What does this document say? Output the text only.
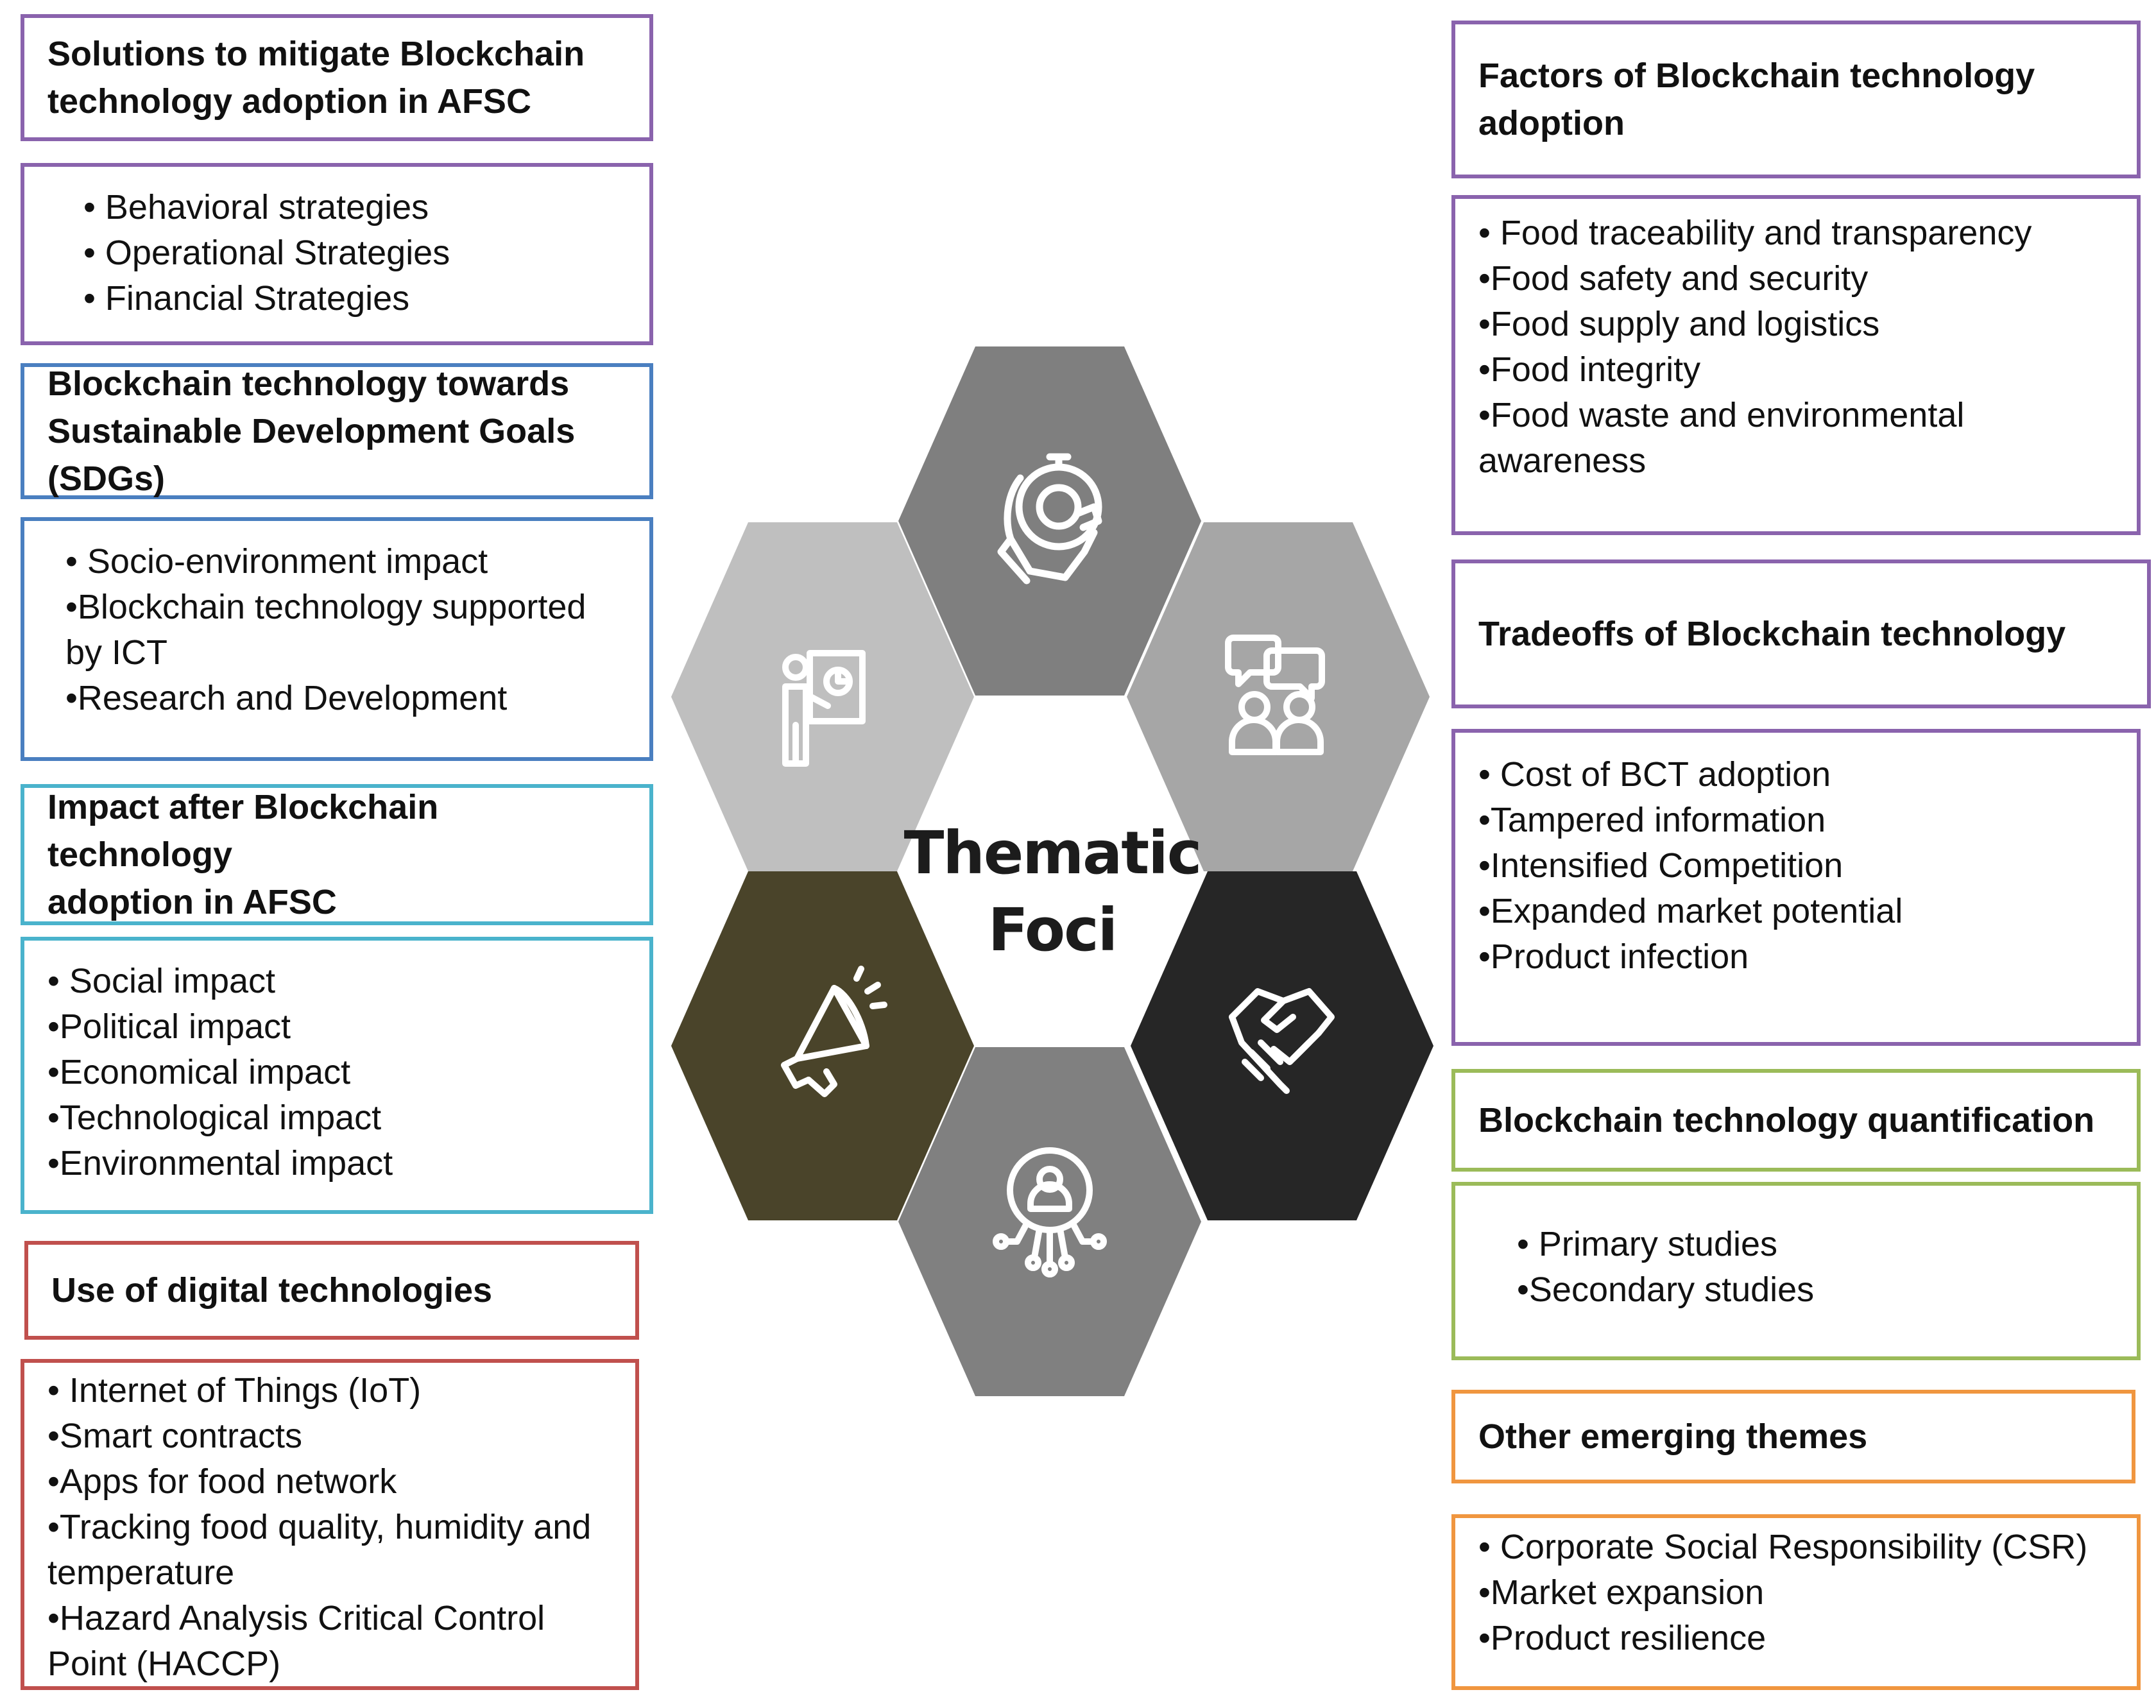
Thematic
Foci
Solutions to mitigate Blockchain
technology adoption in AFSC
• Behavioral strategies
• Operational Strategies
• Financial Strategies
Blockchain technology towards
Sustainable Development Goals
(SDGs)
• Socio-environment impact
•Blockchain technology supported
by ICT
•Research and Development
Impact after Blockchain technology
adoption in AFSC
• Social impact
•Political impact
•Economical impact
•Technological impact
•Environmental impact
Use of digital technologies
• Internet of Things (IoT)
•Smart contracts
•Apps for food network
•Tracking food quality, humidity and
temperature
•Hazard Analysis Critical Control
Point (HACCP)
Factors of Blockchain technology
adoption
• Food traceability and transparency
•Food safety and security
•Food supply and logistics
•Food integrity
•Food waste and environmental
awareness
Tradeoffs of Blockchain technology
• Cost of BCT adoption
•Tampered information
•Intensified Competition
•Expanded market potential
•Product infection
Blockchain technology quantification
• Primary studies
•Secondary studies
Other emerging themes
• Corporate Social Responsibility (CSR)
•Market expansion
•Product resilience
